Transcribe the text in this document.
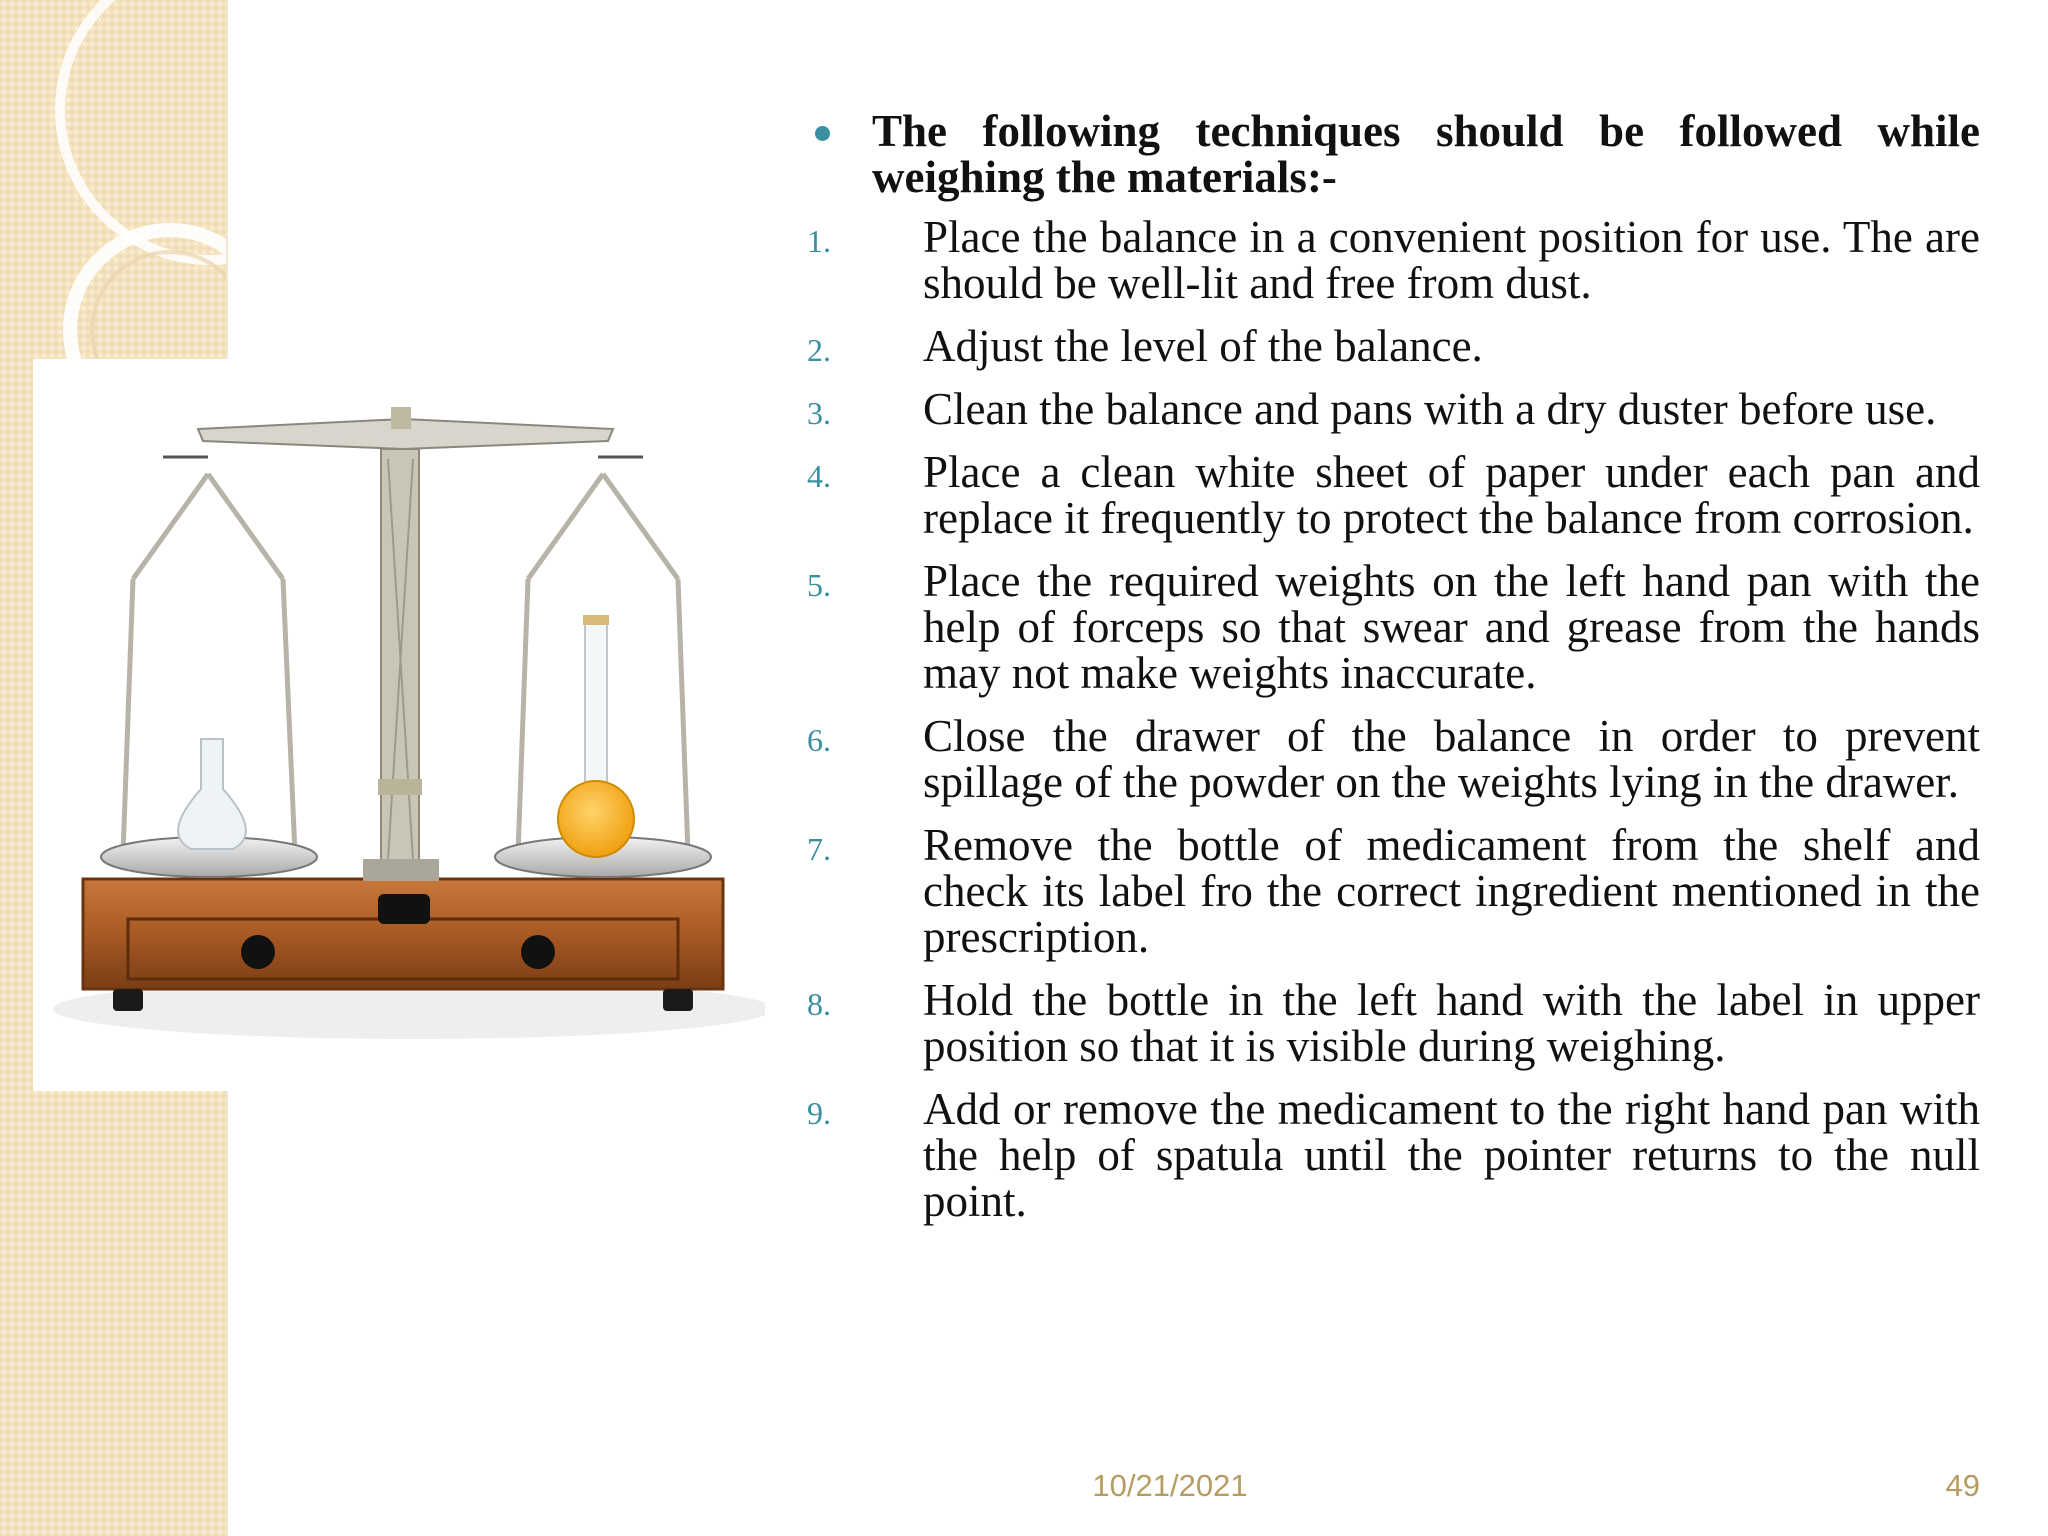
The following techniques should be followed while weighing the materials:-

1. Place the balance in a convenient position for use. The are should be well-lit and free from dust.
2. Adjust the level of the balance.
3. Clean the balance and pans with a dry duster before use.
4. Place a clean white sheet of paper under each pan and replace it frequently to protect the balance from corrosion.
5. Place the required weights on the left hand pan with the help of forceps so that swear and grease from the hands may not make weights inaccurate.
6. Close the drawer of the balance in order to prevent spillage of the powder on the weights lying in the drawer.
7. Remove the bottle of medicament from the shelf and check its label fro the correct ingredient mentioned in the prescription.
8. Hold the bottle in the left hand with the label in upper position so that it is visible during weighing.
9. Add or remove the medicament to the right hand pan with the help of spatula until the pointer returns to the null point.
10/21/2021	49
